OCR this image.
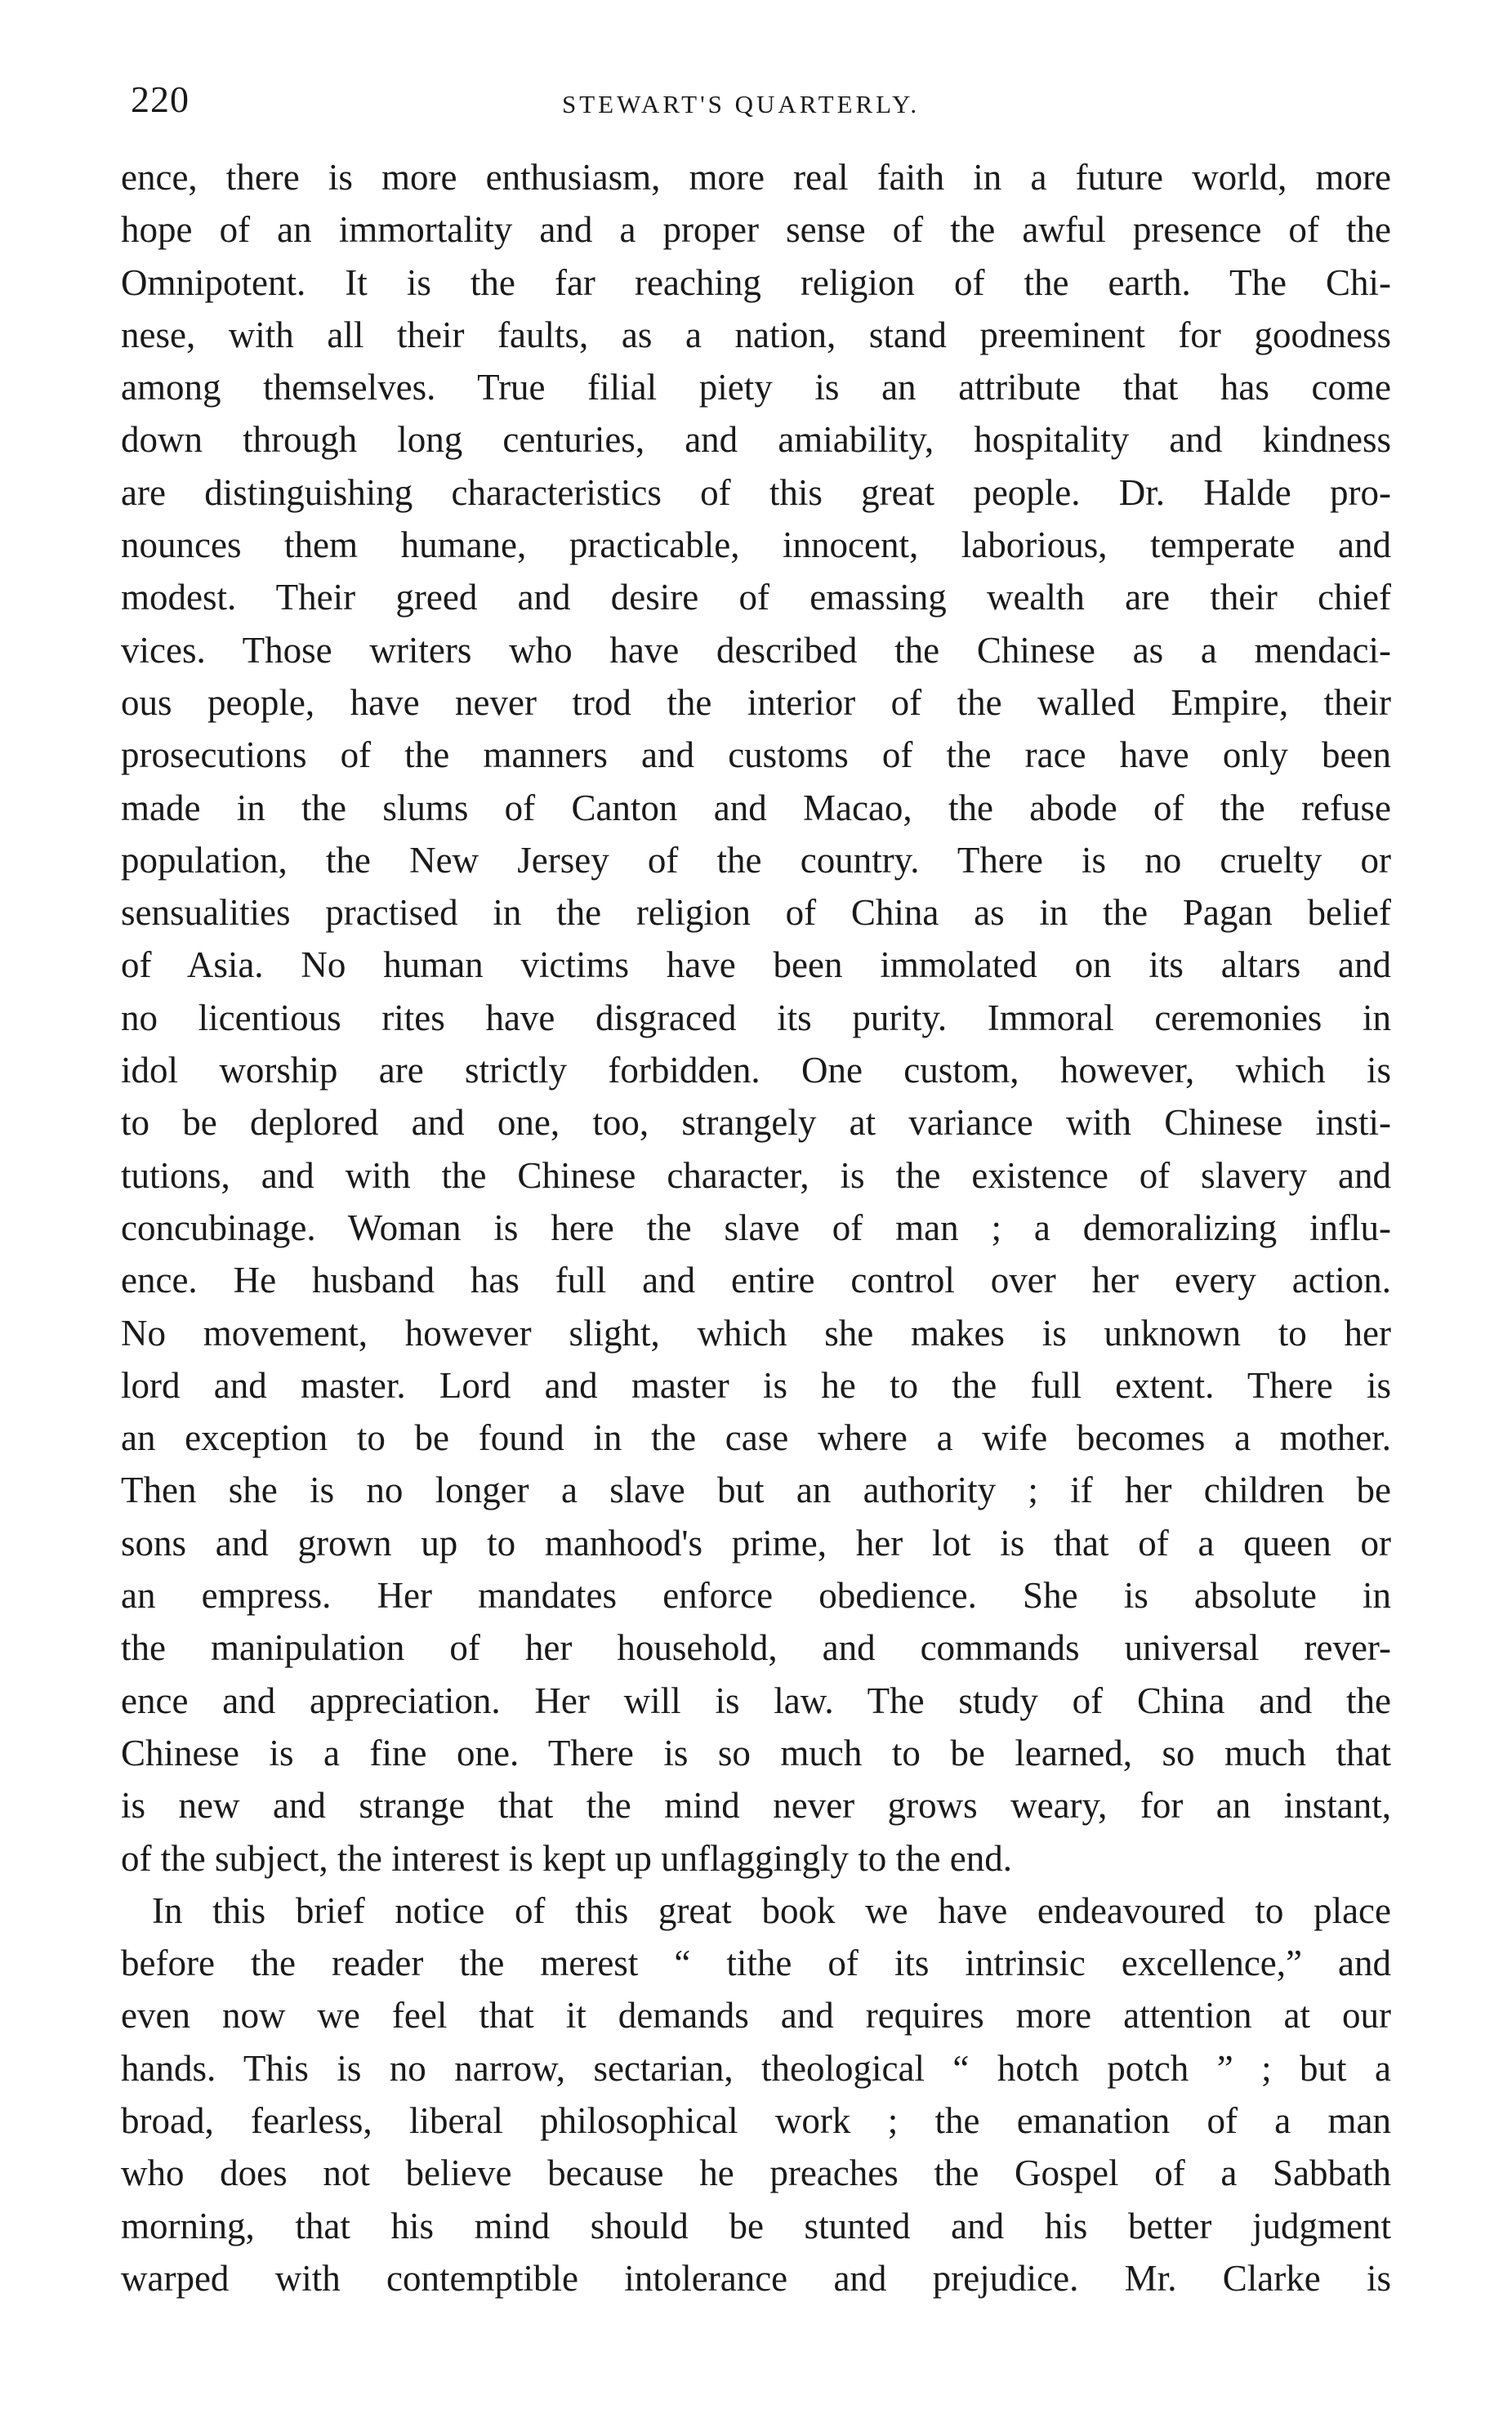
220	STEWART'S QUARTERLY.
ence, there is more enthusiasm, more real faith in a future world, more
hope of an immortality and a proper sense of the awful presence of the
Omnipotent. It is the far reaching religion of the earth. The Chi-
nese, with all their faults, as a nation, stand preeminent for goodness
among themselves. True filial piety is an attribute that has come
down through long centuries, and amiability, hospitality and kindness
are distinguishing characteristics of this great people. Dr. Halde pro-
nounces them humane, practicable, innocent, laborious, temperate and
modest. Their greed and desire of emassing wealth are their chief
vices. Those writers who have described the Chinese as a mendaci-
ous people, have never trod the interior of the walled Empire, their
prosecutions of the manners and customs of the race have only been
made in the slums of Canton and Macao, the abode of the refuse
population, the New Jersey of the country. There is no cruelty or
sensualities practised in the religion of China as in the Pagan belief
of Asia. No human victims have been immolated on its altars and
no licentious rites have disgraced its purity. Immoral ceremonies in
idol worship are strictly forbidden. One custom, however, which is
to be deplored and one, too, strangely at variance with Chinese insti-
tutions, and with the Chinese character, is the existence of slavery and
concubinage. Woman is here the slave of man ; a demoralizing influ-
ence. He husband has full and entire control over her every action.
No movement, however slight, which she makes is unknown to her
lord and master. Lord and master is he to the full extent. There is
an exception to be found in the case where a wife becomes a mother.
Then she is no longer a slave but an authority ; if her children be
sons and grown up to manhood's prime, her lot is that of a queen or
an empress. Her mandates enforce obedience. She is absolute in
the manipulation of her household, and commands universal rever-
ence and appreciation. Her will is law. The study of China and the
Chinese is a fine one. There is so much to be learned, so much that
is new and strange that the mind never grows weary, for an instant,
of the subject, the interest is kept up unflaggingly to the end.
In this brief notice of this great book we have endeavoured to place
before the reader the merest “ tithe of its intrinsic excellence,” and
even now we feel that it demands and requires more attention at our
hands. This is no narrow, sectarian, theological “ hotch potch ” ; but a
broad, fearless, liberal philosophical work ; the emanation of a man
who does not believe because he preaches the Gospel of a Sabbath
morning, that his mind should be stunted and his better judgment
warped with contemptible intolerance and prejudice. Mr. Clarke is
